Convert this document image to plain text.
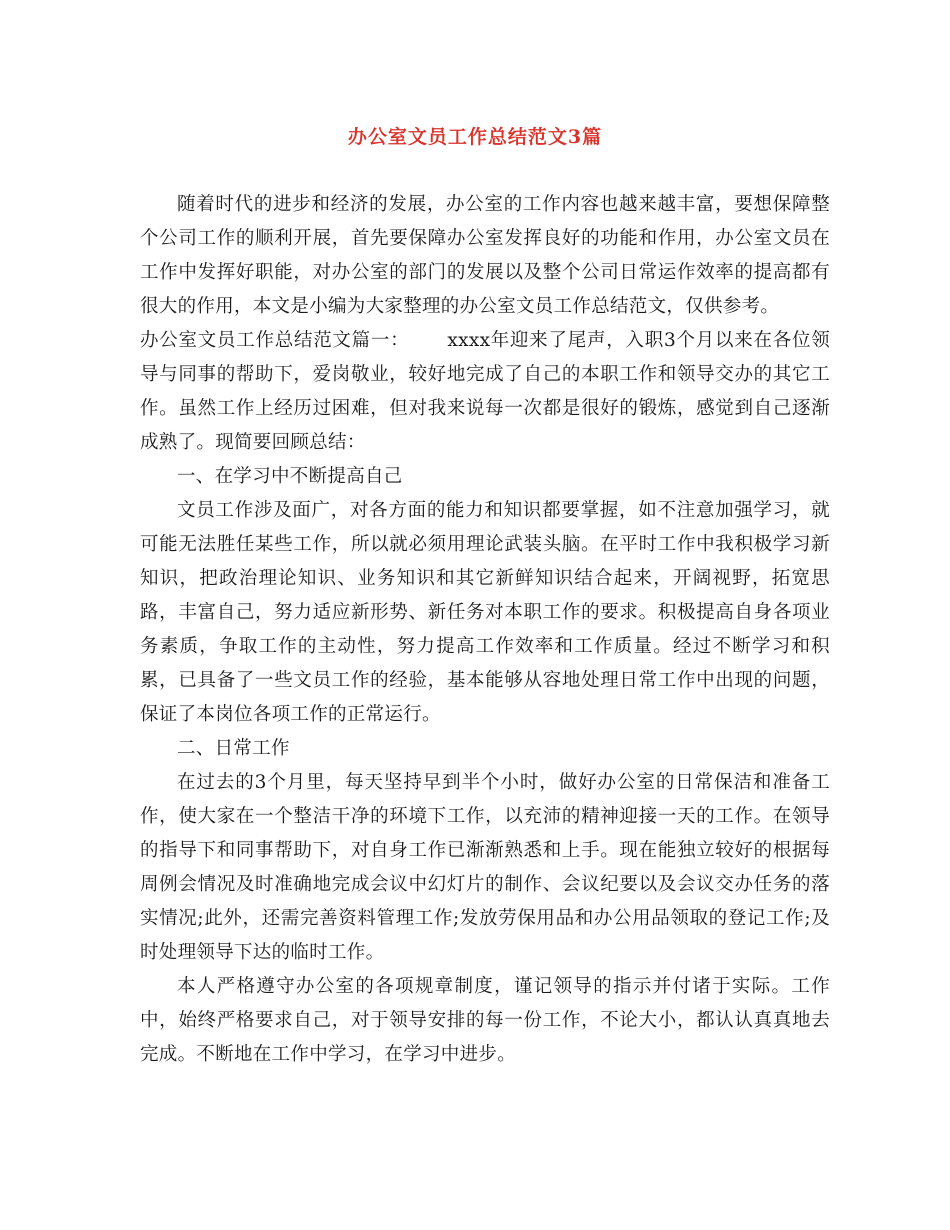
办公室文员工作总结范文3篇

随着时代的进步和经济的发展，办公室的工作内容也越来越丰富，要想保障整个公司工作的顺利开展，首先要保障办公室发挥良好的功能和作用，办公室文员在工作中发挥好职能，对办公室的部门的发展以及整个公司日常运作效率的提高都有很大的作用，本文是小编为大家整理的办公室文员工作总结范文，仅供参考。

办公室文员工作总结范文篇一： xxxx年迎来了尾声，入职3个月以来在各位领导与同事的帮助下，爱岗敬业，较好地完成了自己的本职工作和领导交办的其它工作。虽然工作上经历过困难，但对我来说每一次都是很好的锻炼，感觉到自己逐渐成熟了。现简要回顾总结：

一、在学习中不断提高自己

文员工作涉及面广，对各方面的能力和知识都要掌握，如不注意加强学习，就可能无法胜任某些工作，所以就必须用理论武装头脑。在平时工作中我积极学习新知识，把政治理论知识、业务知识和其它新鲜知识结合起来，开阔视野，拓宽思路，丰富自己，努力适应新形势、新任务对本职工作的要求。积极提高自身各项业务素质，争取工作的主动性，努力提高工作效率和工作质量。经过不断学习和积累，已具备了一些文员工作的经验，基本能够从容地处理日常工作中出现的问题，保证了本岗位各项工作的正常运行。

二、日常工作

在过去的3个月里，每天坚持早到半个小时，做好办公室的日常保洁和准备工作，使大家在一个整洁干净的环境下工作，以充沛的精神迎接一天的工作。在领导的指导下和同事帮助下，对自身工作已渐渐熟悉和上手。现在能独立较好的根据每周例会情况及时准确地完成会议中幻灯片的制作、会议纪要以及会议交办任务的落实情况;此外，还需完善资料管理工作;发放劳保用品和办公用品领取的登记工作;及时处理领导下达的临时工作。

本人严格遵守办公室的各项规章制度，谨记领导的指示并付诸于实际。工作中，始终严格要求自己，对于领导安排的每一份工作，不论大小，都认认真真地去完成。不断地在工作中学习，在学习中进步。
